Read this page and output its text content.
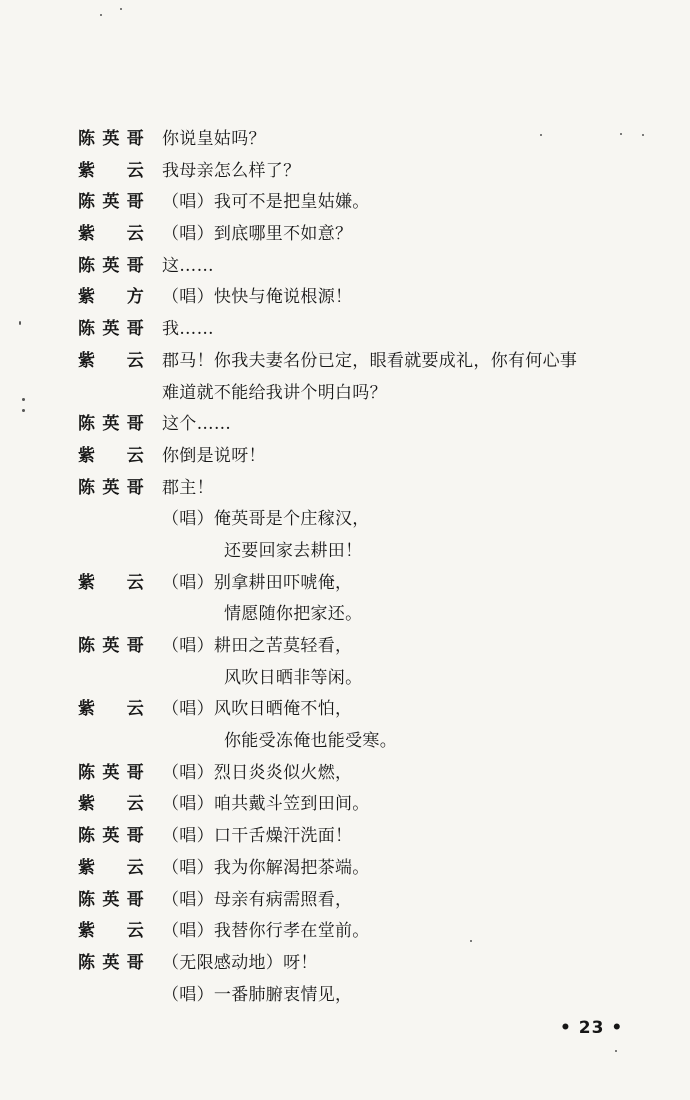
陈英哥 你说皇姑吗？
紫　云 我母亲怎么样了？
陈英哥 （唱）我可不是把皇姑嫌。
紫　云 （唱）到底哪里不如意？
陈英哥 这……
紫　方 （唱）快快与俺说根源！
陈英哥 我……
紫　云 郡马！你我夫妻名份已定，眼看就要成礼，你有何心事
难道就不能给我讲个明白吗？
陈英哥 这个……
紫　云 你倒是说呀！
陈英哥 郡主！
（唱）俺英哥是个庄稼汉，
还要回家去耕田！
紫　云 （唱）别拿耕田吓唬俺，
情愿随你把家还。
陈英哥 （唱）耕田之苦莫轻看，
风吹日晒非等闲。
紫　云 （唱）风吹日晒俺不怕，
你能受冻俺也能受寒。
陈英哥 （唱）烈日炎炎似火燃，
紫　云 （唱）咱共戴斗笠到田间。
陈英哥 （唱）口干舌燥汗洗面！
紫　云 （唱）我为你解渴把茶端。
陈英哥 （唱）母亲有病需照看，
紫　云 （唱）我替你行孝在堂前。
陈英哥 （无限感动地）呀！
（唱）一番肺腑衷情见，
• 23 •
